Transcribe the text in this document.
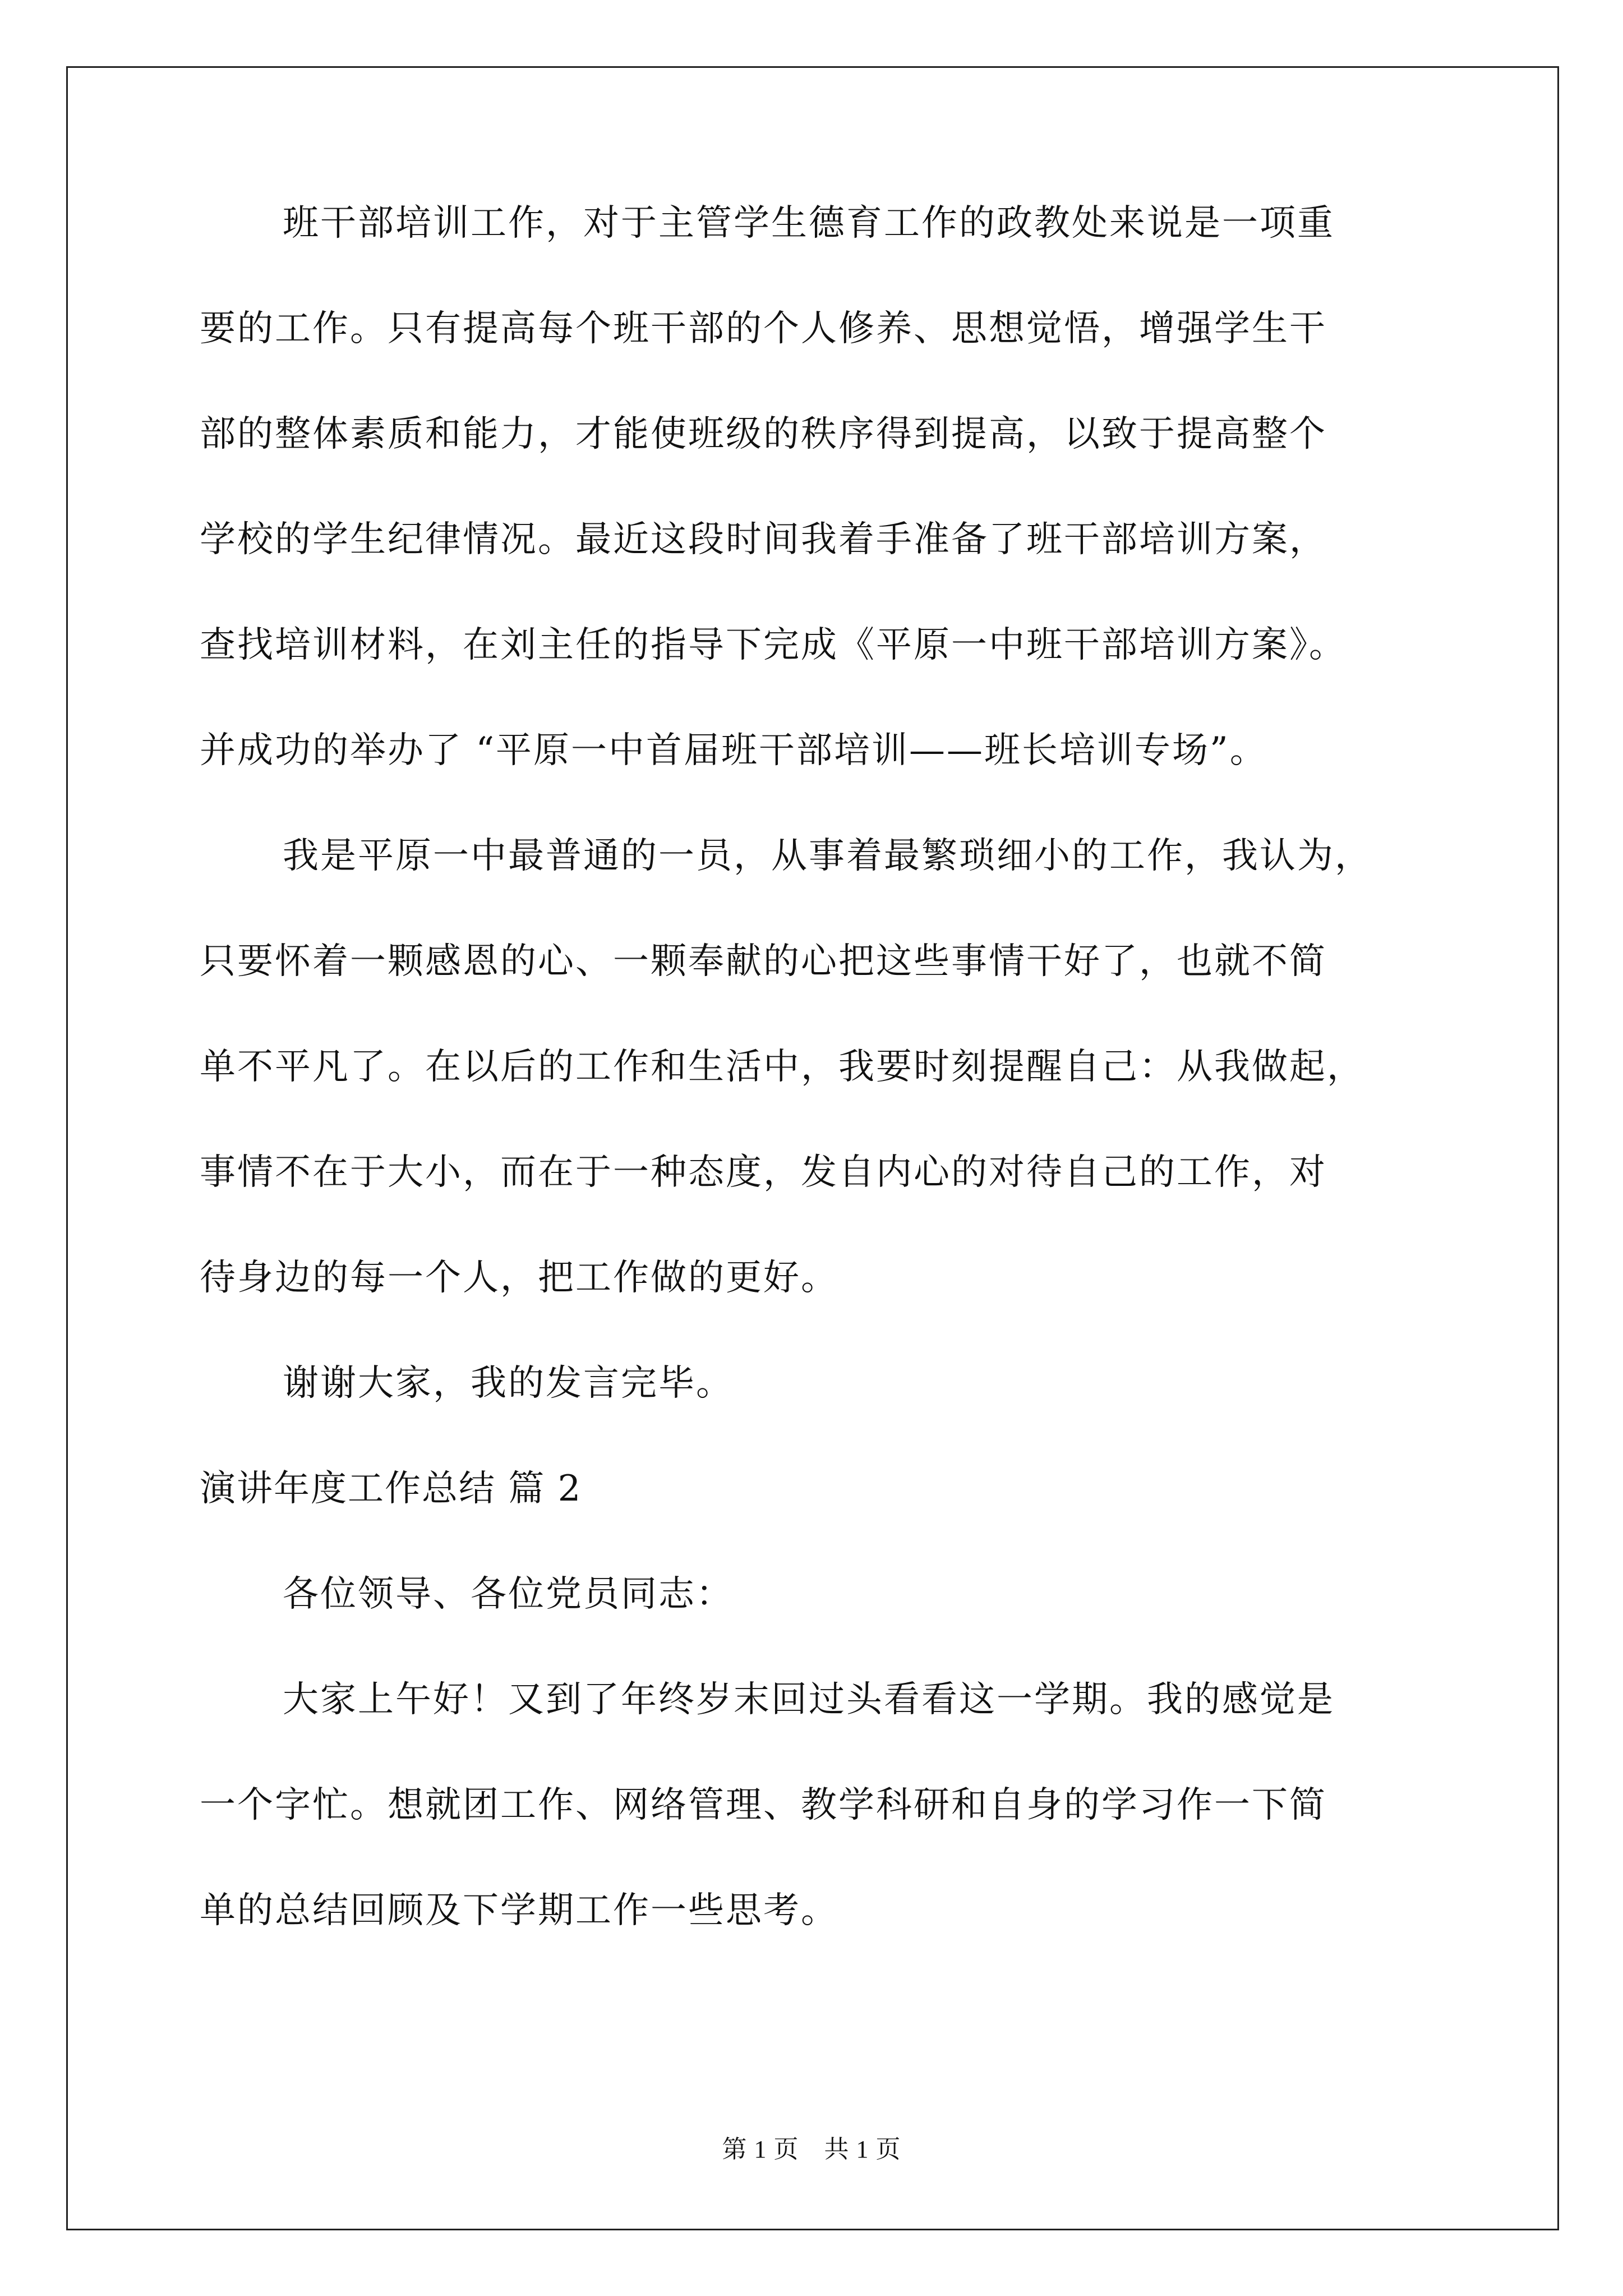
班干部培训工作，对于主管学生德育工作的政教处来说是一项重

要的工作。只有提高每个班干部的个人修养、思想觉悟，增强学生干

部的整体素质和能力，才能使班级的秩序得到提高，以致于提高整个

学校的学生纪律情况。最近这段时间我着手准备了班干部培训方案，

查找培训材料，在刘主任的指导下完成《平原一中班干部培训方案》。

并成功的举办了 “平原一中首届班干部培训——班长培训专场”。

我是平原一中最普通的一员，从事着最繁琐细小的工作，我认为，

只要怀着一颗感恩的心、一颗奉献的心把这些事情干好了，也就不简

单不平凡了。在以后的工作和生活中，我要时刻提醒自己：从我做起，

事情不在于大小，而在于一种态度，发自内心的对待自己的工作，对

待身边的每一个人，把工作做的更好。

谢谢大家，我的发言完毕。

演讲年度工作总结 篇 2

各位领导、各位党员同志：

大家上午好！又到了年终岁末回过头看看这一学期。我的感觉是

一个字忙。想就团工作、网络管理、教学科研和自身的学习作一下简

单的总结回顾及下学期工作一些思考。

第 1 页　共 1 页
